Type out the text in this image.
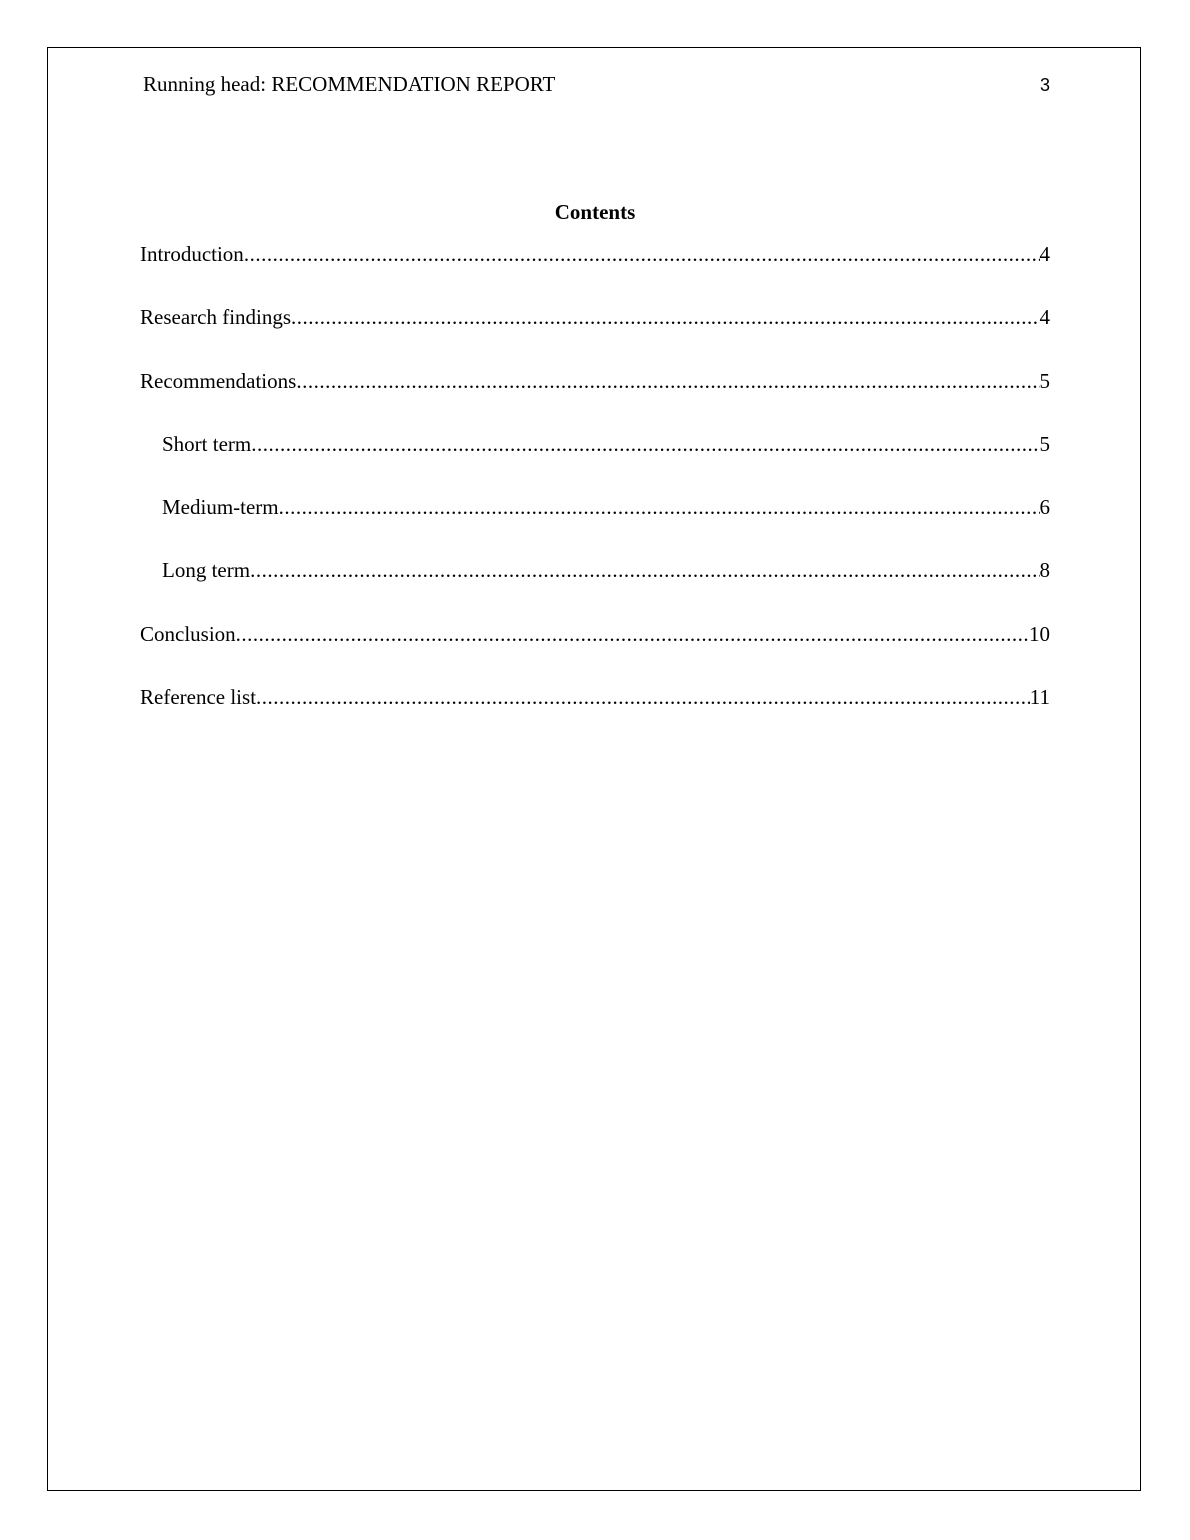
Running head: RECOMMENDATION REPORT	3
Contents
Introduction .....	4
Research findings .....	4
Recommendations .....	5
Short term .....	5
Medium-term .....	6
Long term .....	8
Conclusion .....	10
Reference list .....	11
